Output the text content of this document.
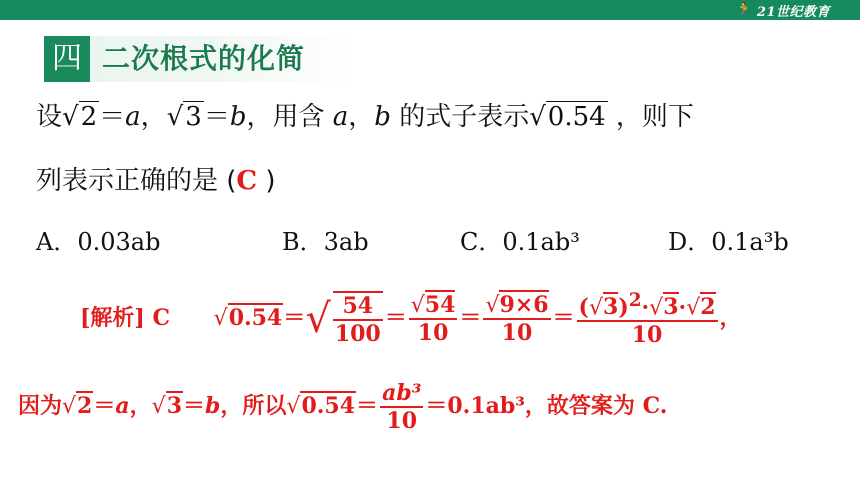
🏃 21世纪教育
四 二次根式的化简
设√2＝a，√3＝b，用含 a，b 的式子表示√0.54 ，则下
列表示正确的是 (C )
A．0.03ab	B．3ab	C．0.1ab³	D．0.1a³b
[解析] C $√0.54=√ \frac{54}{100} = \frac{√54}{10} = \frac{√9\times 6}{10} = \frac{(√3)^2\cdot√3\cdot√2}{10}$ ，
因为√2＝a，√3＝b，所以$√0.54= \frac{\text{ab³}}{10} =0.1ab^3$，故答案为 C.
